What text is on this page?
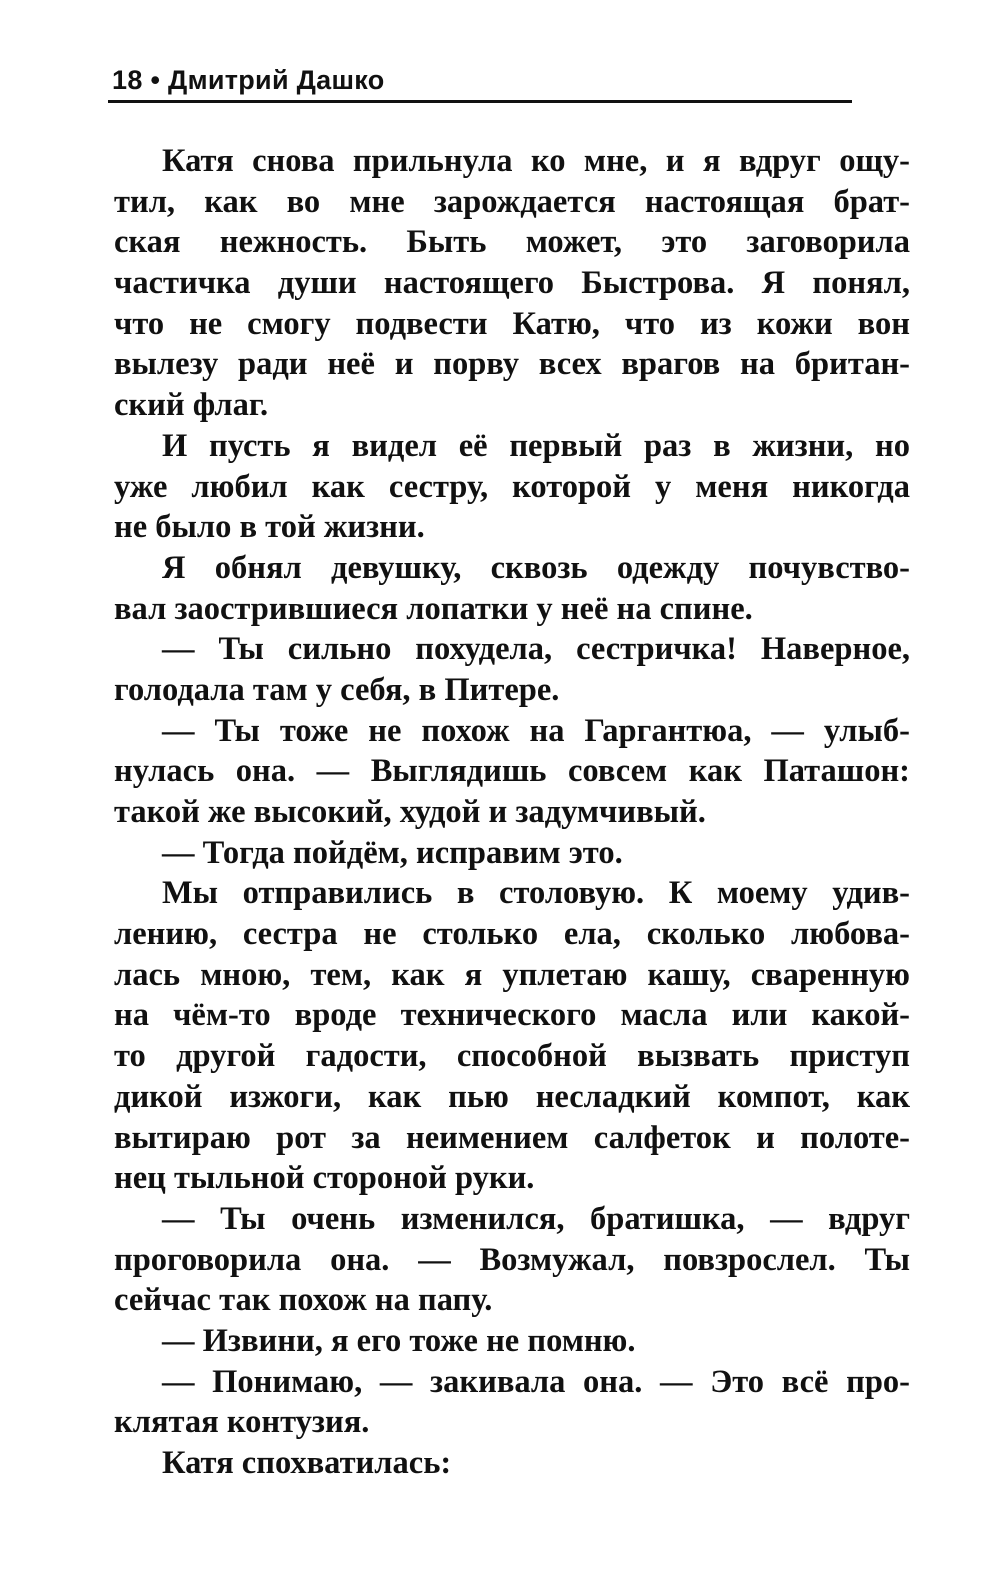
18 • Дмитрий Дашко
Катя снова прильнула ко мне, и я вдруг ощу-
тил, как во мне зарождается настоящая брат-
ская нежность. Быть может, это заговорила
частичка души настоящего Быстрова. Я понял,
что не смогу подвести Катю, что из кожи вон
вылезу ради неё и порву всех врагов на британ-
ский флаг.
И пусть я видел её первый раз в жизни, но
уже любил как сестру, которой у меня никогда
не было в той жизни.
Я обнял девушку, сквозь одежду почувство-
вал заострившиеся лопатки у неё на спине.
— Ты сильно похудела, сестричка! Наверное,
голодала там у себя, в Питере.
— Ты тоже не похож на Гаргантюа, — улыб-
нулась она. — Выглядишь совсем как Паташон:
такой же высокий, худой и задумчивый.
— Тогда пойдём, исправим это.
Мы отправились в столовую. К моему удив-
лению, сестра не столько ела, сколько любова-
лась мною, тем, как я уплетаю кашу, сваренную
на чём-то вроде технического масла или какой-
то другой гадости, способной вызвать приступ
дикой изжоги, как пью несладкий компот, как
вытираю рот за неимением салфеток и полоте-
нец тыльной стороной руки.
— Ты очень изменился, братишка, — вдруг
проговорила она. — Возмужал, повзрослел. Ты
сейчас так похож на папу.
— Извини, я его тоже не помню.
— Понимаю, — закивала она. — Это всё про-
клятая контузия.
Катя спохватилась:
